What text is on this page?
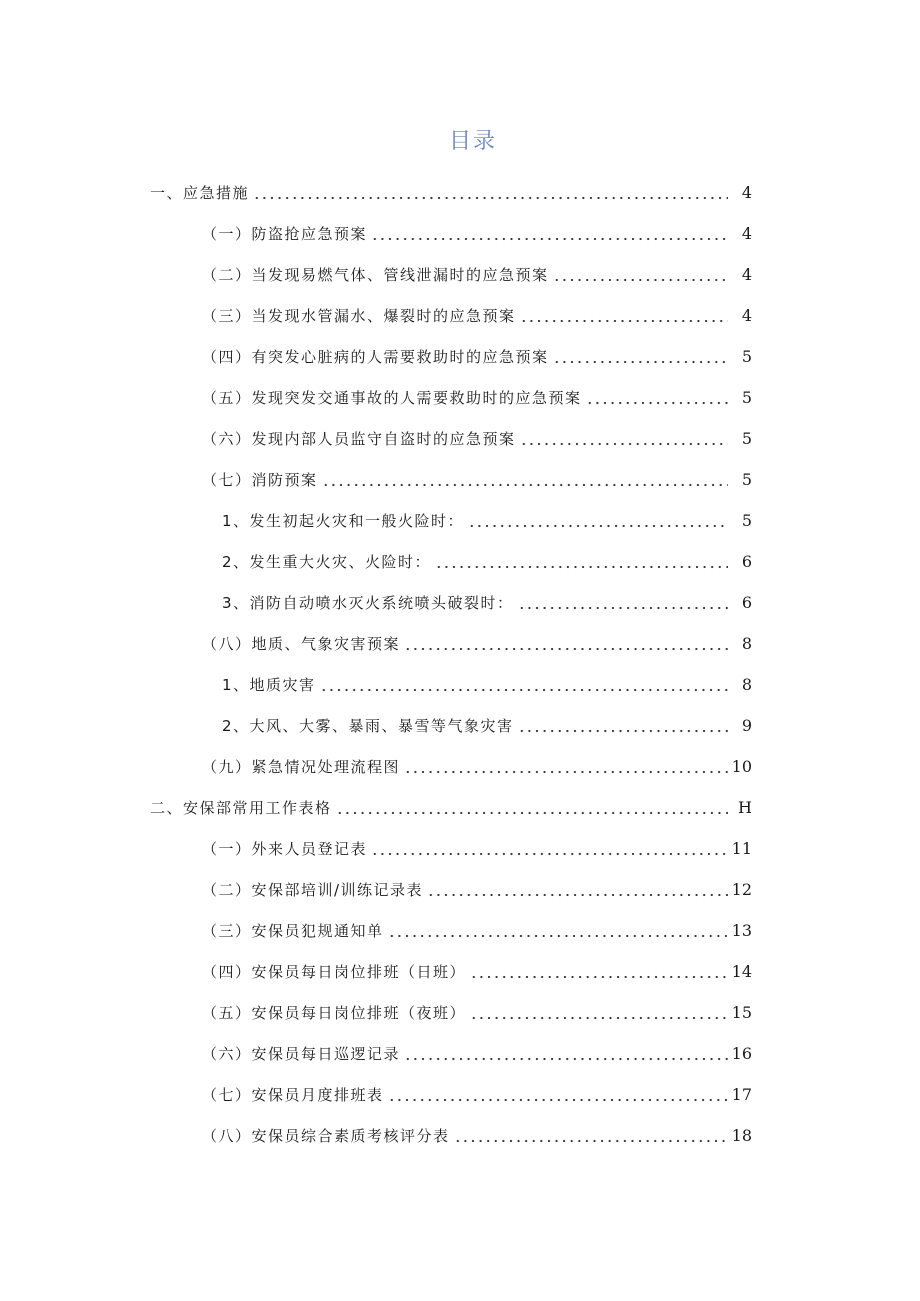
目录
一、应急措施	4
（一）防盗抢应急预案	4
（二）当发现易燃气体、管线泄漏时的应急预案	4
（三）当发现水管漏水、爆裂时的应急预案	4
（四）有突发心脏病的人需要救助时的应急预案	5
（五）发现突发交通事故的人需要救助时的应急预案	5
（六）发现内部人员监守自盗时的应急预案	5
（七）消防预案	5
1、发生初起火灾和一般火险时：	5
2、发生重大火灾、火险时：	6
3、消防自动喷水灭火系统喷头破裂时：	6
（八）地质、气象灾害预案	8
1、地质灾害	8
2、大风、大雾、暴雨、暴雪等气象灾害	9
（九）紧急情况处理流程图	10
二、安保部常用工作表格	H
（一）外来人员登记表	11
（二）安保部培训/训练记录表	12
（三）安保员犯规通知单	13
（四）安保员每日岗位排班（日班）	14
（五）安保员每日岗位排班（夜班）	15
（六）安保员每日巡逻记录	16
（七）安保员月度排班表	17
（八）安保员综合素质考核评分表	18
